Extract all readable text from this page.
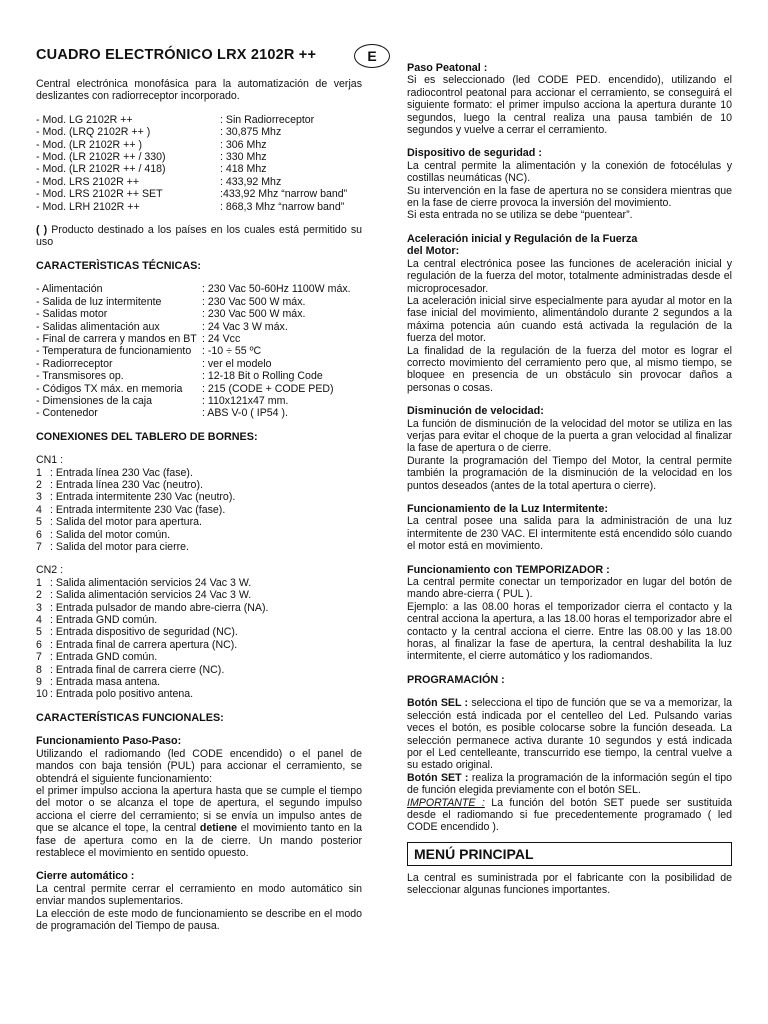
CUADRO ELECTRÓNICO LRX 2102R ++	E

Central electrónica monofásica para la automatización de verjas deslizantes con radiorreceptor incorporado.

- Mod. LG 2102R ++	: Sin Radiorreceptor
- Mod. (LRQ 2102R ++ )	: 30,875 Mhz
- Mod. (LR 2102R ++ )	: 306 Mhz
- Mod. (LR 2102R ++ / 330)	: 330 Mhz
- Mod. (LR 2102R ++ / 418)	: 418 Mhz
- Mod. LRS 2102R ++	: 433,92 Mhz
- Mod. LRS 2102R ++ SET	:433,92 Mhz “narrow band”
- Mod. LRH 2102R ++	: 868,3 Mhz “narrow band”

( ) Producto destinado a los países en los cuales está permitido su uso

CARACTERÌSTICAS TÉCNICAS:
- Alimentación	: 230 Vac 50-60Hz 1100W máx.
- Salida de luz intermitente	: 230 Vac 500 W máx.
- Salidas motor	: 230 Vac 500 W máx.
- Salidas alimentación aux	: 24 Vac 3 W máx.
- Final de carrera y mandos en BT : 24 Vcc
- Temperatura de funcionamiento	: -10 ÷ 55 ºC
- Radiorreceptor	: ver el modelo
- Transmisores op.	: 12-18 Bit o Rolling Code
- Códigos TX máx. en memoria	: 215 (CODE + CODE PED)
- Dimensiones de la caja	: 110x121x47 mm.
- Contenedor	: ABS V-0 ( IP54 ).
CONEXIONES DEL TABLERO DE BORNES:
CN1 :
1 : Entrada línea 230 Vac (fase).
2 : Entrada línea 230 Vac (neutro).
3 : Entrada intermitente 230 Vac (neutro).
4 : Entrada intermitente 230 Vac (fase).
5 : Salida del motor para apertura.
6 : Salida del motor común.
7 : Salida del motor para cierre.
CN2 :
1 : Salida alimentación servicios 24 Vac 3 W.
2 : Salida alimentación servicios 24 Vac 3 W.
3 : Entrada pulsador de mando abre-cierra (NA).
4 : Entrada GND común.
5 : Entrada dispositivo de seguridad (NC).
6 : Entrada final de carrera apertura (NC).
7 : Entrada GND común.
8 : Entrada final de carrera cierre (NC).
9 : Entrada masa antena.
10 : Entrada polo positivo antena.
CARACTERÍSTICAS FUNCIONALES:
Funcionamiento Paso-Paso:

Utilizando el radiomando (led CODE encendido) o el panel de mandos con baja tensión (PUL) para accionar el cerramiento, se obtendrá el siguiente funcionamiento:

el primer impulso acciona la apertura hasta que se cumple el tiempo del motor o se alcanza el tope de apertura, el segundo impulso acciona el cierre del cerramiento; si se envía un impulso antes de que se alcance el tope, la central detiene el movimiento tanto en la fase de apertura como en la de cierre. Un mando posterior restablece el movimiento en sentido opuesto.

Cierre automático :

La central permite cerrar el cerramiento en modo automático sin enviar mandos suplementarios.

La elección de este modo de funcionamiento se describe en el modo de programación del Tiempo de pausa.

Paso Peatonal :

Si es seleccionado (led CODE PED. encendido), utilizando el radiocontrol peatonal para accionar el cerramiento, se conseguirá el siguiente formato: el primer impulso acciona la apertura durante 10 segundos, luego la central realiza una pausa también de 10 segundos y vuelve a cerrar el cerramiento.

Dispositivo de seguridad :

La central permite la alimentación y la conexión de fotocélulas y costillas neumáticas (NC).

Su intervención en la fase de apertura no se considera mientras que en la fase de cierre provoca la inversión del movimiento.

Si esta entrada no se utiliza se debe “puentear”.

Aceleración inicial y Regulación de la Fuerza
del Motor:

La central electrónica posee las funciones de aceleración inicial y regulación de la fuerza del motor, totalmente administradas desde el microprocesador.

La aceleración inicial sirve especialmente para ayudar al motor en la fase inicial del movimiento, alimentándolo durante 2 segundos a la máxima potencia aún cuando está activada la regulación de la fuerza del motor.

La finalidad de la regulación de la fuerza del motor es lograr el correcto movimiento del cerramiento pero que, al mismo tiempo, se bloquee en presencia de un obstáculo sin provocar daños a personas o cosas.

Disminución de velocidad:

La función de disminución de la velocidad del motor se utiliza en las verjas para evitar el choque de la puerta a gran velocidad al finalizar la fase de apertura o de cierre.

Durante la programación del Tiempo del Motor, la central permite también la programación de la disminución de la velocidad en los puntos deseados (antes de la total apertura o cierre).

Funcionamiento de la Luz Intermitente:

La central posee una salida para la administración de una luz intermitente de 230 VAC. El intermitente está encendido sólo cuando el motor está en movimiento.

Funcionamiento con TEMPORIZADOR :

La central permite conectar un temporizador en lugar del botón de mando abre-cierra ( PUL ).

Ejemplo: a las 08.00 horas el temporizador cierra el contacto y la central acciona la apertura, a las 18.00 horas el temporizador abre el contacto y la central acciona el cierre. Entre las 08.00 y las 18.00 horas, al finalizar la fase de apertura, la central deshabilita la luz intermitente, el cierre automático y los radiomandos.

PROGRAMACIÓN :

Botón SEL : selecciona el tipo de función que se va a memorizar, la selección está indicada por el centelleo del Led. Pulsando varias veces el botón, es posible colocarse sobre la función deseada. La selección permanece activa durante 10 segundos y está indicada por el Led centelleante, transcurrido ese tiempo, la central vuelve a su estado original.

Botón SET : realiza la programación de la información según el tipo de función elegida previamente con el botón SEL.

IMPORTANTE : La función del botón SET puede ser sustituida desde el radiomando si fue precedentemente programado ( led CODE encendido ).

MENÚ PRINCIPAL

La central es suministrada por el fabricante con la posibilidad de seleccionar algunas funciones importantes.
